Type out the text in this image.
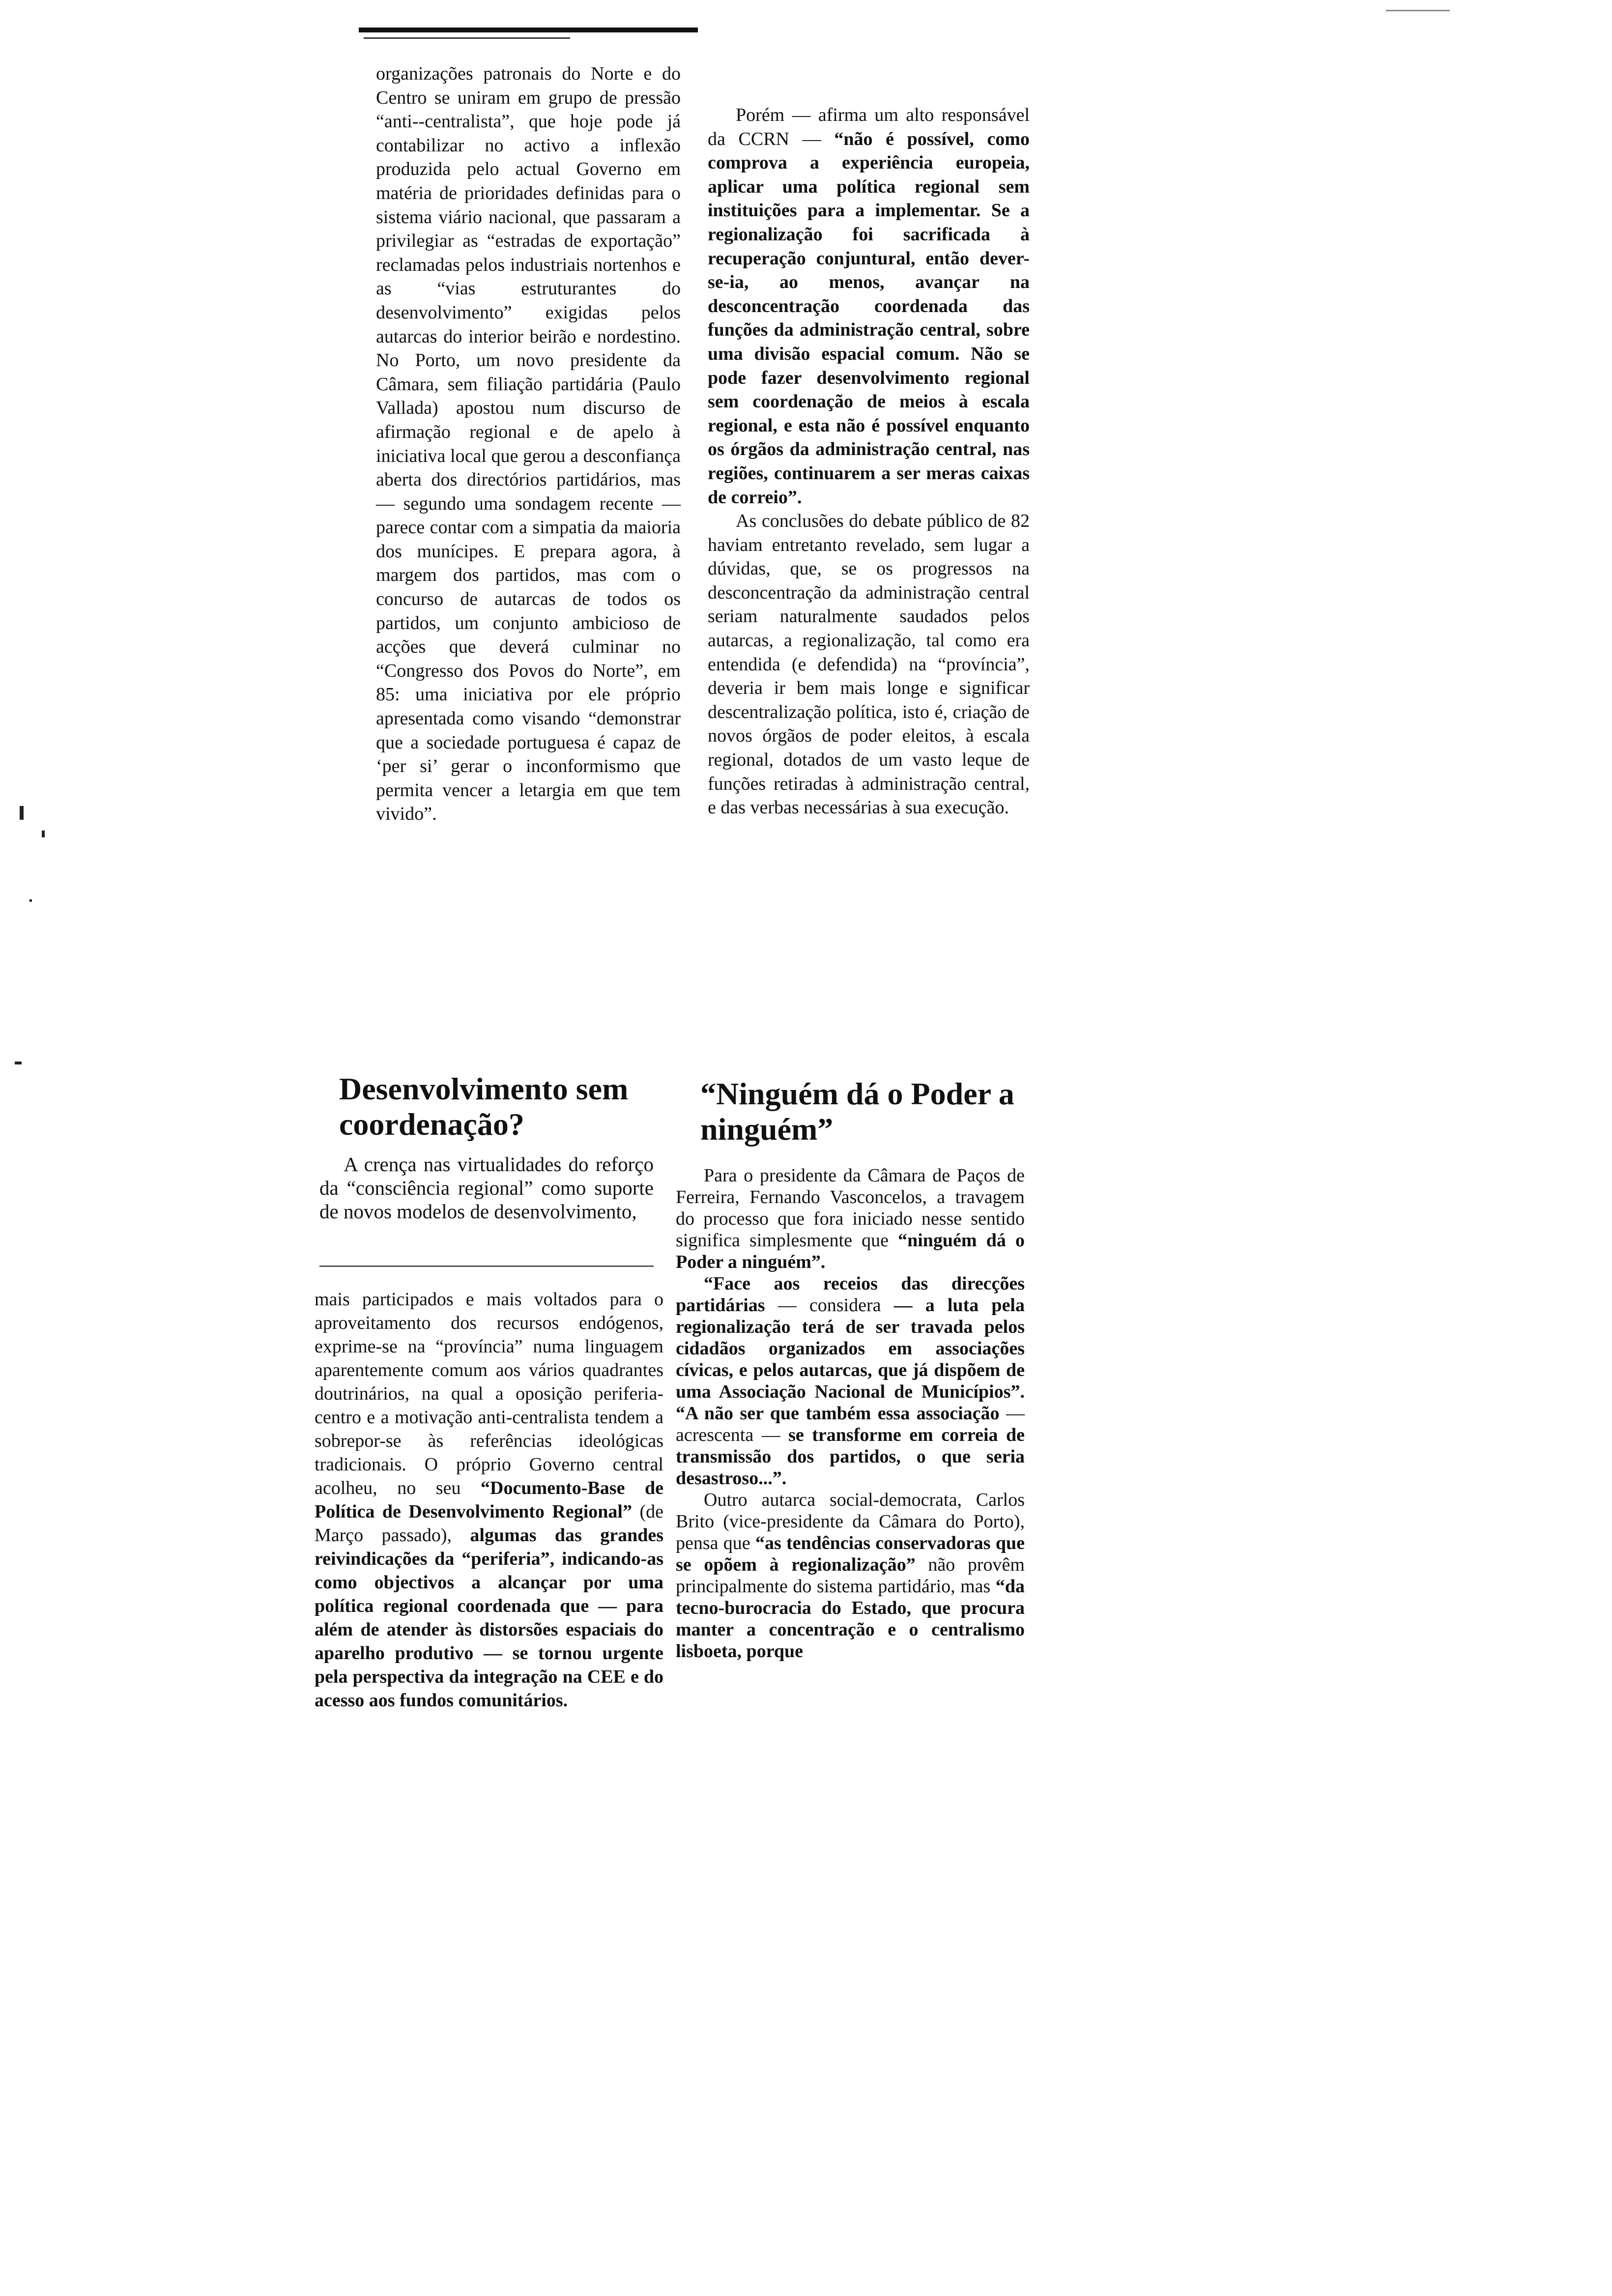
organizações patronais do Norte e do Centro se uniram em grupo de pressão “anti--centralista”, que hoje pode já contabilizar no activo a inflexão produzida pelo actual Governo em matéria de prioridades definidas para o sistema viário nacional, que passaram a privilegiar as “estradas de exportação” reclamadas pelos industriais nortenhos e as “vias estruturantes do desenvolvimento” exigidas pelos autarcas do interior beirão e nordestino. No Porto, um novo presidente da Câmara, sem filiação partidária (Paulo Vallada) apostou num discurso de afirmação regional e de apelo à iniciativa local que gerou a desconfiança aberta dos directórios partidários, mas — segundo uma sondagem recente — parece contar com a simpatia da maioria dos munícipes. E prepara agora, à margem dos partidos, mas com o concurso de autarcas de todos os partidos, um conjunto ambicioso de acções que deverá culminar no “Congresso dos Povos do Norte”, em 85: uma iniciativa por ele próprio apresentada como visando “demonstrar que a sociedade portuguesa é capaz de ‘per si’ gerar o inconformismo que permita vencer a letargia em que tem vivido”.

Porém — afirma um alto responsável da CCRN — “não é possível, como comprova a experiência europeia, aplicar uma política regional sem instituições para a implementar. Se a regionalização foi sacrificada à recuperação conjuntural, então dever-se-ia, ao menos, avançar na desconcentração coordenada das funções da administração central, sobre uma divisão espacial comum. Não se pode fazer desenvolvimento regional sem coordenação de meios à escala regional, e esta não é possível enquanto os órgãos da administração central, nas regiões, continuarem a ser meras caixas de correio”.

As conclusões do debate público de 82 haviam entretanto revelado, sem lugar a dúvidas, que, se os progressos na desconcentração da administração central seriam naturalmente saudados pelos autarcas, a regionalização, tal como era entendida (e defendida) na “província”, deveria ir bem mais longe e significar descentralização política, isto é, criação de novos órgãos de poder eleitos, à escala regional, dotados de um vasto leque de funções retiradas à administração central, e das verbas necessárias à sua execução.

Desenvolvimento sem coordenação?

A crença nas virtualidades do reforço da “consciência regional” como suporte de novos modelos de desenvolvimento,

mais participados e mais voltados para o aproveitamento dos recursos endógenos, exprime-se na “província” numa linguagem aparentemente comum aos vários quadrantes doutrinários, na qual a oposição periferia-centro e a motivação anti-centralista tendem a sobrepor-se às referências ideológicas tradicionais. O próprio Governo central acolheu, no seu “Documento-Base de Política de Desenvolvimento Regional” (de Março passado), algumas das grandes reivindicações da “periferia”, indicando-as como objectivos a alcançar por uma política regional coordenada que — para além de atender às distorsões espaciais do aparelho produtivo — se tornou urgente pela perspectiva da integração na CEE e do acesso aos fundos comunitários.

“Ninguém dá o Poder a ninguém”

Para o presidente da Câmara de Paços de Ferreira, Fernando Vasconcelos, a travagem do processo que fora iniciado nesse sentido significa simplesmente que “ninguém dá o Poder a ninguém”.

“Face aos receios das direcções partidárias — considera — a luta pela regionalização terá de ser travada pelos cidadãos organizados em associações cívicas, e pelos autarcas, que já dispõem de uma Associação Nacional de Municípios”. “A não ser que também essa associação — acrescenta — se transforme em correia de transmissão dos partidos, o que seria desastroso...”.

Outro autarca social-democrata, Carlos Brito (vice-presidente da Câmara do Porto), pensa que “as tendências conservadoras que se opõem à regionalização” não provêm principalmente do sistema partidário, mas “da tecno-burocracia do Estado, que procura manter a concentração e o centralismo lisboeta, porque
